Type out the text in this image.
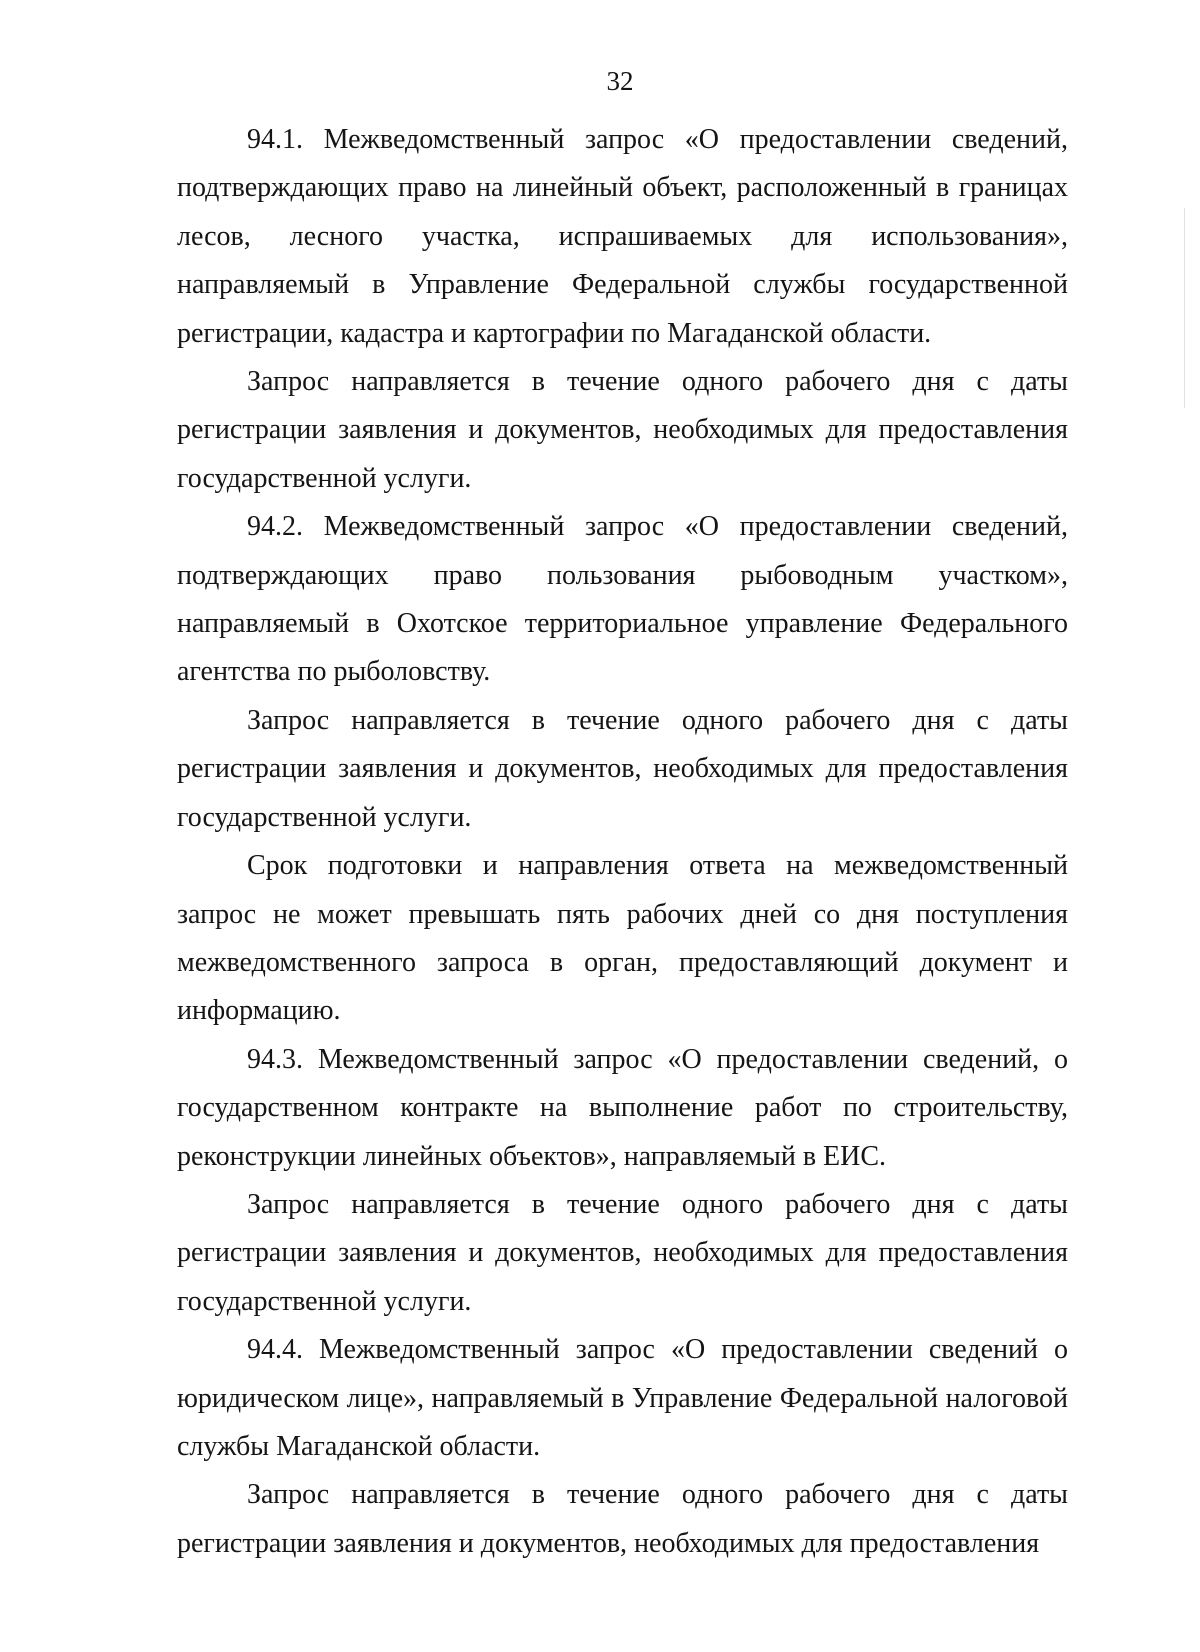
32

94.1. Межведомственный запрос «О предоставлении сведений, подтверждающих право на линейный объект, расположенный в границах лесов, лесного участка, испрашиваемых для использования», направляемый в Управление Федеральной службы государственной регистрации, кадастра и картографии по Магаданской области.

Запрос направляется в течение одного рабочего дня с даты регистрации заявления и документов, необходимых для предоставления государственной услуги.

94.2. Межведомственный запрос «О предоставлении сведений, подтверждающих право пользования рыбоводным участком», направляемый в Охотское территориальное управление Федерального агентства по рыболовству.

Запрос направляется в течение одного рабочего дня с даты регистрации заявления и документов, необходимых для предоставления государственной услуги.

Срок подготовки и направления ответа на межведомственный запрос не может превышать пять рабочих дней со дня поступления межведомственного запроса в орган, предоставляющий документ и информацию.

94.3. Межведомственный запрос «О предоставлении сведений, о государственном контракте на выполнение работ по строительству, реконструкции линейных объектов», направляемый в ЕИС.

Запрос направляется в течение одного рабочего дня с даты регистрации заявления и документов, необходимых для предоставления государственной услуги.

94.4. Межведомственный запрос «О предоставлении сведений о юридическом лице», направляемый в Управление Федеральной налоговой службы Магаданской области.

Запрос направляется в течение одного рабочего дня с даты регистрации заявления и документов, необходимых для предоставления
